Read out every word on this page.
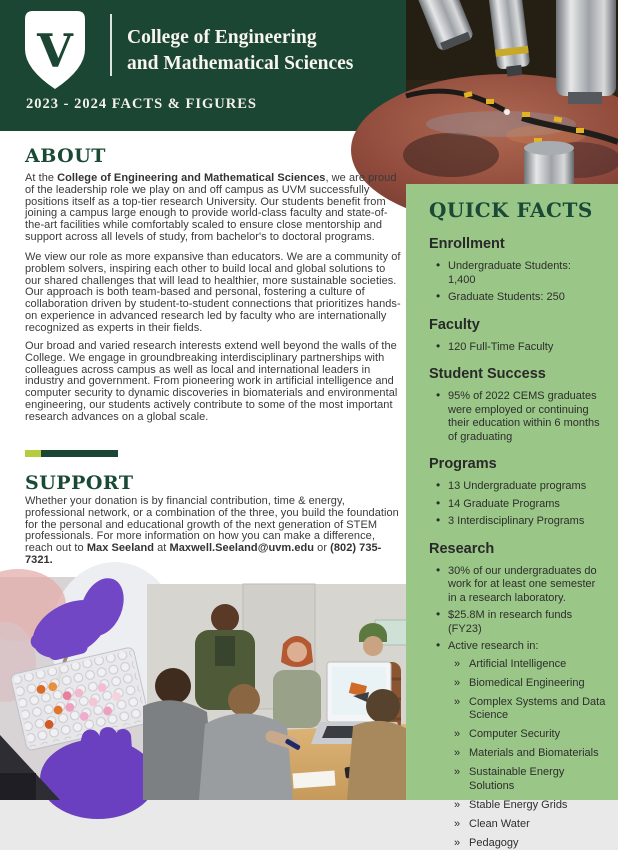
V	College of Engineering
and Mathematical Sciences
2023 - 2024 FACTS & FIGURES
ABOUT

At the College of Engineering and Mathematical Sciences, we are proud of the leadership role we play on and off campus as UVM successfully positions itself as a top-tier research University. Our students benefit from joining a campus large enough to provide world-class faculty and state-of-the-art facilities while comfortably scaled to ensure close mentorship and support across all levels of study, from bachelor's to doctoral programs.

We view our role as more expansive than educators. We are a community of problem solvers, inspiring each other to build local and global solutions to our shared challenges that will lead to healthier, more sustainable societies. Our approach is both team-based and personal, fostering a culture of collaboration driven by student-to-student connections that prioritizes hands-on experience in advanced research led by faculty who are internationally recognized as experts in their fields.

Our broad and varied research interests extend well beyond the walls of the College. We engage in groundbreaking interdisciplinary partnerships with colleagues across campus as well as local and international leaders in industry and government. From pioneering work in artificial intelligence and computer security to dynamic discoveries in biomaterials and environmental engineering, our students actively contribute to some of the most important research advances on a global scale.

SUPPORT

Whether your donation is by financial contribution, time & energy, professional network, or a combination of the three, you build the foundation for the personal and educational growth of the next generation of STEM professionals. For more information on how you can make a difference, reach out to Max Seeland at Maxwell.Seeland@uvm.edu or (802) 735-7321.

QUICK FACTS
Enrollment
• Undergraduate Students: 1,400
• Graduate Students: 250
Faculty
• 120 Full-Time Faculty
Student Success
• 95% of 2022 CEMS graduates were employed or continuing their education within 6 months of graduating
Programs
• 13 Undergraduate programs
• 14 Graduate Programs
• 3 Interdisciplinary Programs
Research
• 30% of our undergraduates do work for at least one semester in a research laboratory.
• $25.8M in research funds (FY23)
• Active research in:
» Artificial Intelligence
» Biomedical Engineering
» Complex Systems and Data Science
» Computer Security
» Materials and Biomaterials
» Sustainable Energy Solutions
» Stable Energy Grids
» Clean Water
» Pedagogy
